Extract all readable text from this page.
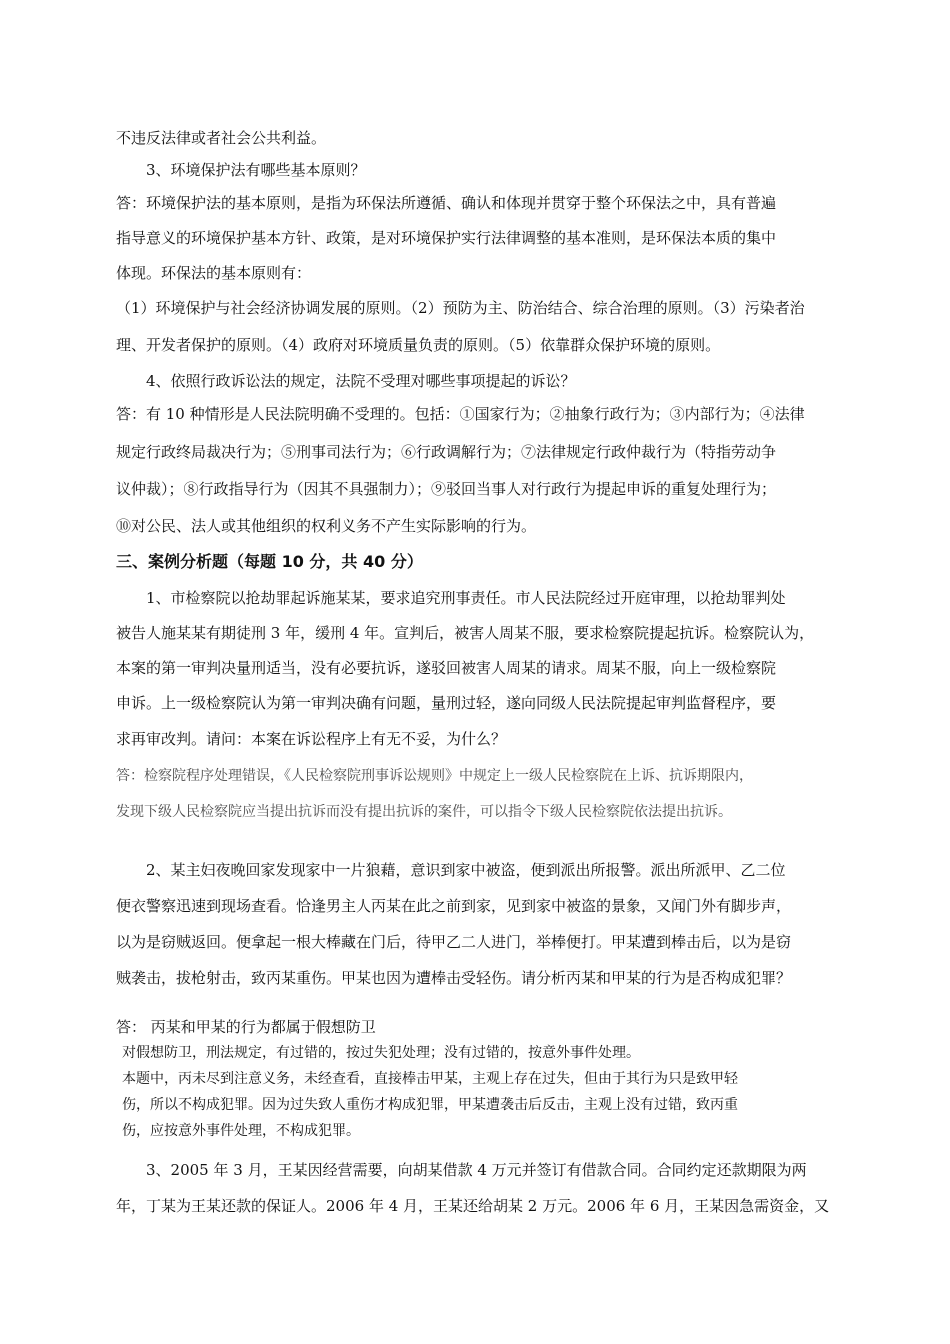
不违反法律或者社会公共利益。
3、环境保护法有哪些基本原则？
答：环境保护法的基本原则，是指为环保法所遵循、确认和体现并贯穿于整个环保法之中，具有普遍
指导意义的环境保护基本方针、政策，是对环境保护实行法律调整的基本准则，是环保法本质的集中
体现。环保法的基本原则有：
（1）环境保护与社会经济协调发展的原则。（2）预防为主、防治结合、综合治理的原则。（3）污染者治
理、开发者保护的原则。（4）政府对环境质量负责的原则。（5）依靠群众保护环境的原则。
4、依照行政诉讼法的规定，法院不受理对哪些事项提起的诉讼？
答：有 10 种情形是人民法院明确不受理的。包括：①国家行为；②抽象行政行为；③内部行为；④法律
规定行政终局裁决行为；⑤刑事司法行为；⑥行政调解行为；⑦法律规定行政仲裁行为（特指劳动争
议仲裁）；⑧行政指导行为（因其不具强制力）；⑨驳回当事人对行政行为提起申诉的重复处理行为；
⑩对公民、法人或其他组织的权利义务不产生实际影响的行为。
三、案例分析题（每题 10 分，共 40 分）
1、市检察院以抢劫罪起诉施某某，要求追究刑事责任。市人民法院经过开庭审理，以抢劫罪判处
被告人施某某有期徒刑 3 年，缓刑 4 年。宣判后，被害人周某不服，要求检察院提起抗诉。检察院认为，
本案的第一审判决量刑适当，没有必要抗诉，遂驳回被害人周某的请求。周某不服，向上一级检察院
申诉。上一级检察院认为第一审判决确有问题，量刑过轻，遂向同级人民法院提起审判监督程序，要
求再审改判。请问：本案在诉讼程序上有无不妥，为什么？
答：检察院程序处理错误，《人民检察院刑事诉讼规则》中规定上一级人民检察院在上诉、抗诉期限内，
发现下级人民检察院应当提出抗诉而没有提出抗诉的案件，可以指令下级人民检察院依法提出抗诉。
2、某主妇夜晚回家发现家中一片狼藉，意识到家中被盗，便到派出所报警。派出所派甲、乙二位
便衣警察迅速到现场查看。恰逢男主人丙某在此之前到家，见到家中被盗的景象，又闻门外有脚步声，
以为是窃贼返回。便拿起一根大棒藏在门后，待甲乙二人进门，举棒便打。甲某遭到棒击后，以为是窃
贼袭击，拔枪射击，致丙某重伤。甲某也因为遭棒击受轻伤。请分析丙某和甲某的行为是否构成犯罪？
答： 丙某和甲某的行为都属于假想防卫
对假想防卫，刑法规定，有过错的，按过失犯处理；没有过错的，按意外事件处理。
本题中，丙未尽到注意义务，未经查看，直接棒击甲某，主观上存在过失，但由于其行为只是致甲轻
伤，所以不构成犯罪。因为过失致人重伤才构成犯罪，甲某遭袭击后反击，主观上没有过错，致丙重
伤，应按意外事件处理，不构成犯罪。
3、2005 年 3 月，王某因经营需要，向胡某借款 4 万元并签订有借款合同。合同约定还款期限为两
年，丁某为王某还款的保证人。2006 年 4 月，王某还给胡某 2 万元。2006 年 6 月，王某因急需资金，又
